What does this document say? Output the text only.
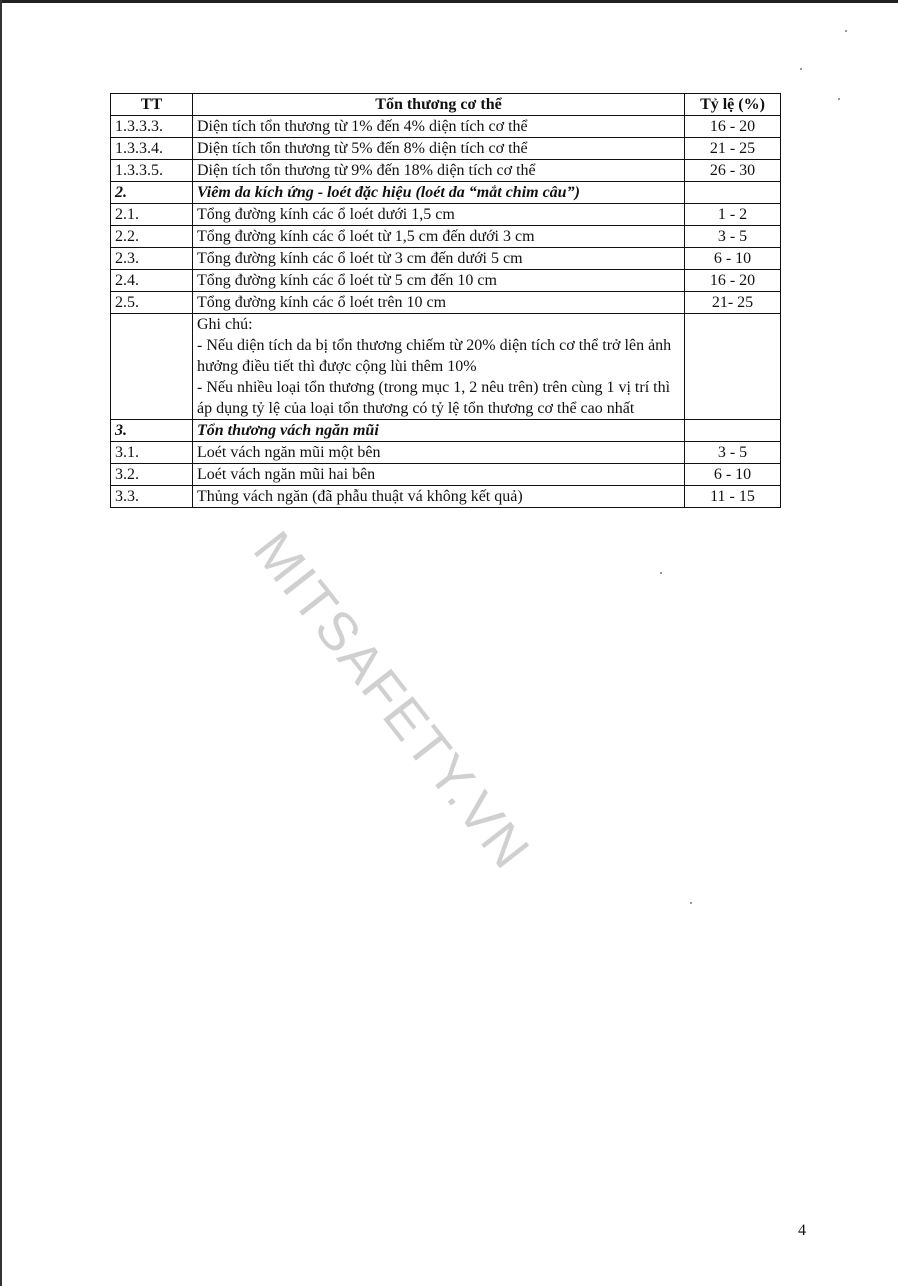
TT	Tổn thương cơ thể	Tỷ lệ (%)
1.3.3.3.	Diện tích tổn thương từ 1% đến 4% diện tích cơ thể	16 - 20
1.3.3.4.	Diện tích tổn thương từ 5% đến 8% diện tích cơ thể	21 - 25
1.3.3.5.	Diện tích tổn thương từ 9% đến 18% diện tích cơ thể	26 - 30
2.	Viêm da kích ứng - loét đặc hiệu (loét da “mắt chim câu”)	
2.1.	Tổng đường kính các ổ loét dưới 1,5 cm	1 - 2
2.2.	Tổng đường kính các ổ loét từ 1,5 cm đến dưới 3 cm	3 - 5
2.3.	Tổng đường kính các ổ loét từ 3 cm đến dưới 5 cm	6 - 10
2.4.	Tổng đường kính các ổ loét từ 5 cm đến 10 cm	16 - 20
2.5.	Tổng đường kính các ổ loét trên 10 cm	21- 25

	Ghi chú:
- Nếu diện tích da bị tổn thương chiếm từ 20% diện tích cơ thể trở lên ảnh hưởng điều tiết thì được cộng lùi thêm 10%
- Nếu nhiều loại tổn thương (trong mục 1, 2 nêu trên) trên cùng 1 vị trí thì áp dụng tỷ lệ của loại tổn thương có tỷ lệ tổn thương cơ thể cao nhất	

3.	Tổn thương vách ngăn mũi	
3.1.	Loét vách ngăn mũi một bên	3 - 5
3.2.	Loét vách ngăn mũi hai bên	6 - 10
3.3.	Thủng vách ngăn (đã phẫu thuật vá không kết quả)	11 - 15
MITSAFETY.VN
4
